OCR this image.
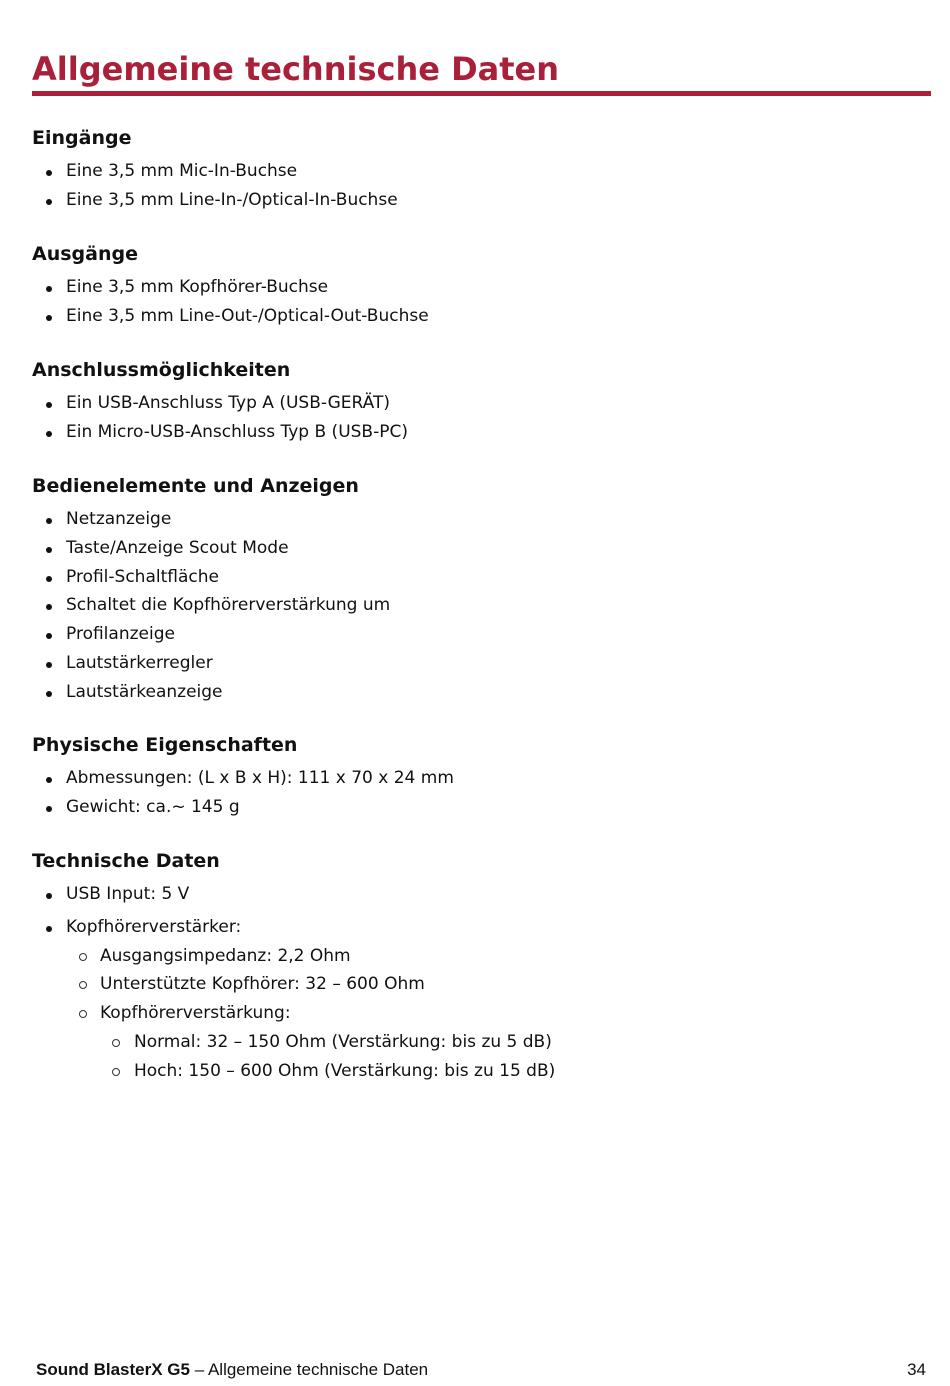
Allgemeine technische Daten
Eingänge
Eine 3,5 mm Mic-In-Buchse
Eine 3,5 mm Line-In-/Optical-In-Buchse
Ausgänge
Eine 3,5 mm Kopfhörer-Buchse
Eine 3,5 mm Line-Out-/Optical-Out-Buchse
Anschlussmöglichkeiten
Ein USB-Anschluss Typ A (USB-GERÄT)
Ein Micro-USB-Anschluss Typ B (USB-PC)
Bedienelemente und Anzeigen
Netzanzeige
Taste/Anzeige Scout Mode
Profil-Schaltfläche
Schaltet die Kopfhörerverstärkung um
Profilanzeige
Lautstärkerregler
Lautstärkeanzeige
Physische Eigenschaften
Abmessungen: (L x B x H): 111 x 70 x 24 mm
Gewicht: ca.~ 145 g
Technische Daten
USB Input: 5 V
Kopfhörerverstärker:
Ausgangsimpedanz: 2,2 Ohm
Unterstützte Kopfhörer: 32 – 600 Ohm
Kopfhörerverstärkung:
Normal: 32 – 150 Ohm (Verstärkung: bis zu 5 dB)
Hoch: 150 – 600 Ohm (Verstärkung: bis zu 15 dB)
Sound BlasterX G5 – Allgemeine technische Daten	34
